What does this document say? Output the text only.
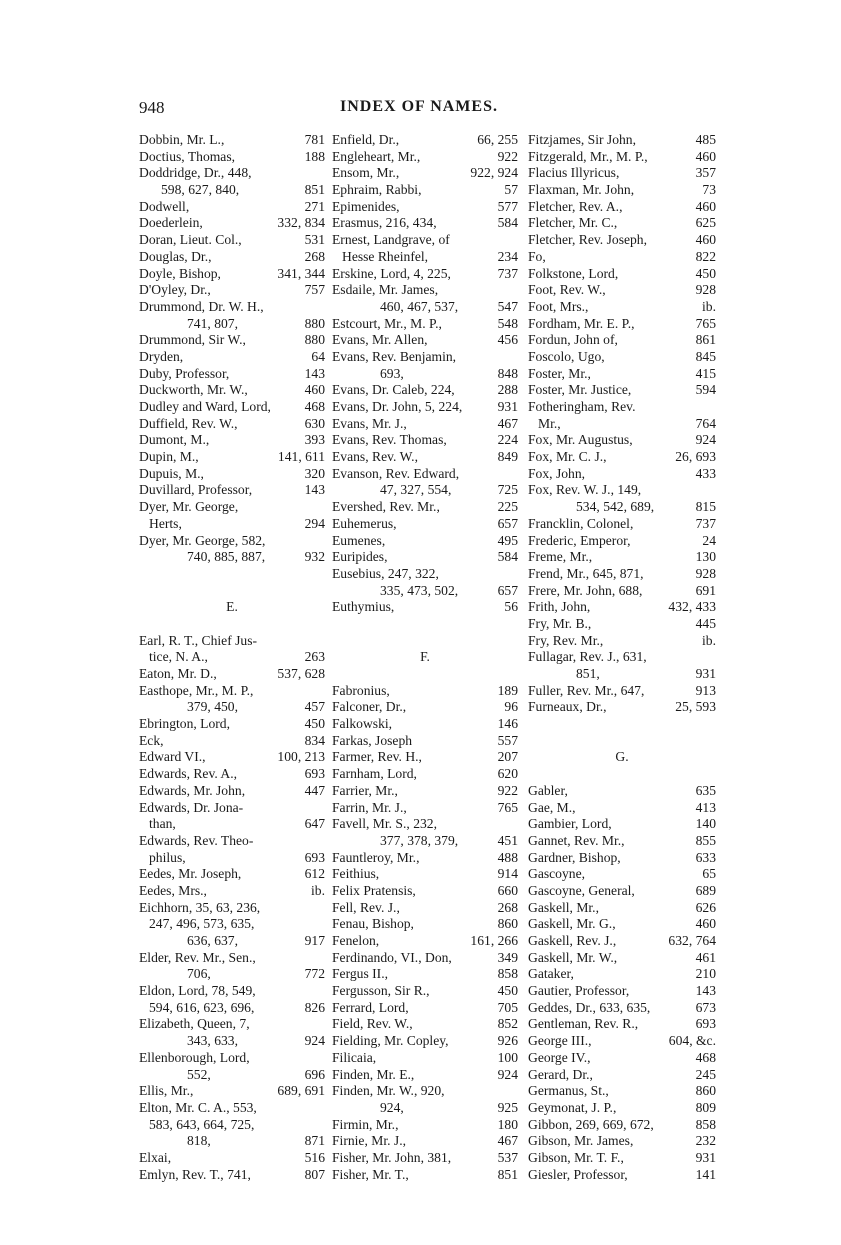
948	INDEX OF NAMES.
Dobbin, Mr. L.,	781
Doctius, Thomas,	188
Doddridge, Dr., 448,
598, 627, 840,	851
Dodwell,	271
Doederlein,	332, 834
Doran, Lieut. Col.,	531
Douglas, Dr.,	268
Doyle, Bishop,	341, 344
D'Oyley, Dr.,	757
Drummond, Dr. W. H.,
741, 807,	880
Drummond, Sir W.,	880
Dryden,	64
Duby, Professor,	143
Duckworth, Mr. W.,	460
Dudley and Ward, Lord, 468
Duffield, Rev. W.,	630
Dumont, M.,	393
Dupin, M.,	141, 611
Dupuis, M.,	320
Duvillard, Professor,	143
Dyer, Mr. George,
Herts,	294
Dyer, Mr. George, 582,
740, 885, 887,	932
E.
Earl, R. T., Chief Jus-
tice, N. A.,	263
Eaton, Mr. D.,	537, 628
Easthope, Mr., M. P.,
379, 450,	457
Ebrington, Lord,	450
Eck,	834
Edward VI.,	100, 213
Edwards, Rev. A.,	693
Edwards, Mr. John,	447
Edwards, Dr. Jona-
than,	647
Edwards, Rev. Theo-
philus,	693
Eedes, Mr. Joseph,	612
Eedes, Mrs.,	ib.
Eichhorn, 35, 63, 236,
247, 496, 573, 635,
636, 637,	917
Elder, Rev. Mr., Sen.,
706,	772
Eldon, Lord, 78, 549,
594, 616, 623, 696,	826
Elizabeth, Queen, 7,
343, 633,	924
Ellenborough, Lord,
552,	696
Ellis, Mr.,	689, 691
Elton, Mr. C. A., 553,
583, 643, 664, 725,
818,	871
Elxai,	516
Emlyn, Rev. T., 741,	807
Enfield, Dr.,	66, 255
Engleheart, Mr.,	922
Ensom, Mr.,	922, 924
Ephraim, Rabbi,	57
Epimenides,	577
Erasmus, 216, 434,	584
Ernest, Landgrave, of
Hesse Rheinfel,	234
Erskine, Lord, 4, 225,	737
Esdaile, Mr. James,
460, 467, 537,	547
Estcourt, Mr., M. P.,	548
Evans, Mr. Allen,	456
Evans, Rev. Benjamin,
693,	848
Evans, Dr. Caleb, 224,	288
Evans, Dr. John, 5, 224,	931
Evans, Mr. J.,	467
Evans, Rev. Thomas,	224
Evans, Rev. W.,	849
Evanson, Rev. Edward,
47, 327, 554,	725
Evershed, Rev. Mr.,	225
Euhemerus,	657
Eumenes,	495
Euripides,	584
Eusebius, 247, 322,
335, 473, 502,	657
Euthymius,	56
F.
Fabronius,	189
Falconer, Dr.,	96
Falkowski,	146
Farkas, Joseph	557
Farmer, Rev. H.,	207
Farnham, Lord,	620
Farrier, Mr.,	922
Farrin, Mr. J.,	765
Favell, Mr. S., 232,
377, 378, 379,	451
Fauntleroy, Mr.,	488
Feithius,	914
Felix Pratensis,	660
Fell, Rev. J.,	268
Fenau, Bishop,	860
Fenelon,	161, 266
Ferdinando, VI., Don,	349
Fergus II.,	858
Fergusson, Sir R.,	450
Ferrard, Lord,	705
Field, Rev. W.,	852
Fielding, Mr. Copley,	926
Filicaia,	100
Finden, Mr. E.,	924
Finden, Mr. W., 920,
924,	925
Firmin, Mr.,	180
Firnie, Mr. J.,	467
Fisher, Mr. John, 381,	537
Fisher, Mr. T.,	851
Fitzjames, Sir John,	485
Fitzgerald, Mr., M. P.,	460
Flacius Illyricus,	357
Flaxman, Mr. John,	73
Fletcher, Rev. A.,	460
Fletcher, Mr. C.,	625
Fletcher, Rev. Joseph,	460
Fo,	822
Folkstone, Lord,	450
Foot, Rev. W.,	928
Foot, Mrs.,	ib.
Fordham, Mr. E. P.,	765
Fordun, John of,	861
Foscolo, Ugo,	845
Foster, Mr.,	415
Foster, Mr. Justice,	594
Fotheringham, Rev.
Mr.,	764
Fox, Mr. Augustus,	924
Fox, Mr. C. J.,	26, 693
Fox, John,	433
Fox, Rev. W. J., 149,
534, 542, 689,	815
Francklin, Colonel,	737
Frederic, Emperor,	24
Freme, Mr.,	130
Frend, Mr., 645, 871,	928
Frere, Mr. John, 688,	691
Frith, John,	432, 433
Fry, Mr. B.,	445
Fry, Rev. Mr.,	ib.
Fullagar, Rev. J., 631,
851,	931
Fuller, Rev. Mr., 647,	913
Furneaux, Dr.,	25, 593
G.
Gabler,	635
Gae, M.,	413
Gambier, Lord,	140
Gannet, Rev. Mr.,	855
Gardner, Bishop,	633
Gascoyne,	65
Gascoyne, General,	689
Gaskell, Mr.,	626
Gaskell, Mr. G.,	460
Gaskell, Rev. J.,	632, 764
Gaskell, Mr. W.,	461
Gataker,	210
Gautier, Professor,	143
Geddes, Dr., 633, 635,	673
Gentleman, Rev. R.,	693
George III.,	604, &c.
George IV.,	468
Gerard, Dr.,	245
Germanus, St.,	860
Geymonat, J. P.,	809
Gibbon, 269, 669, 672,	858
Gibson, Mr. James,	232
Gibson, Mr. T. F.,	931
Giesler, Professor,	141
